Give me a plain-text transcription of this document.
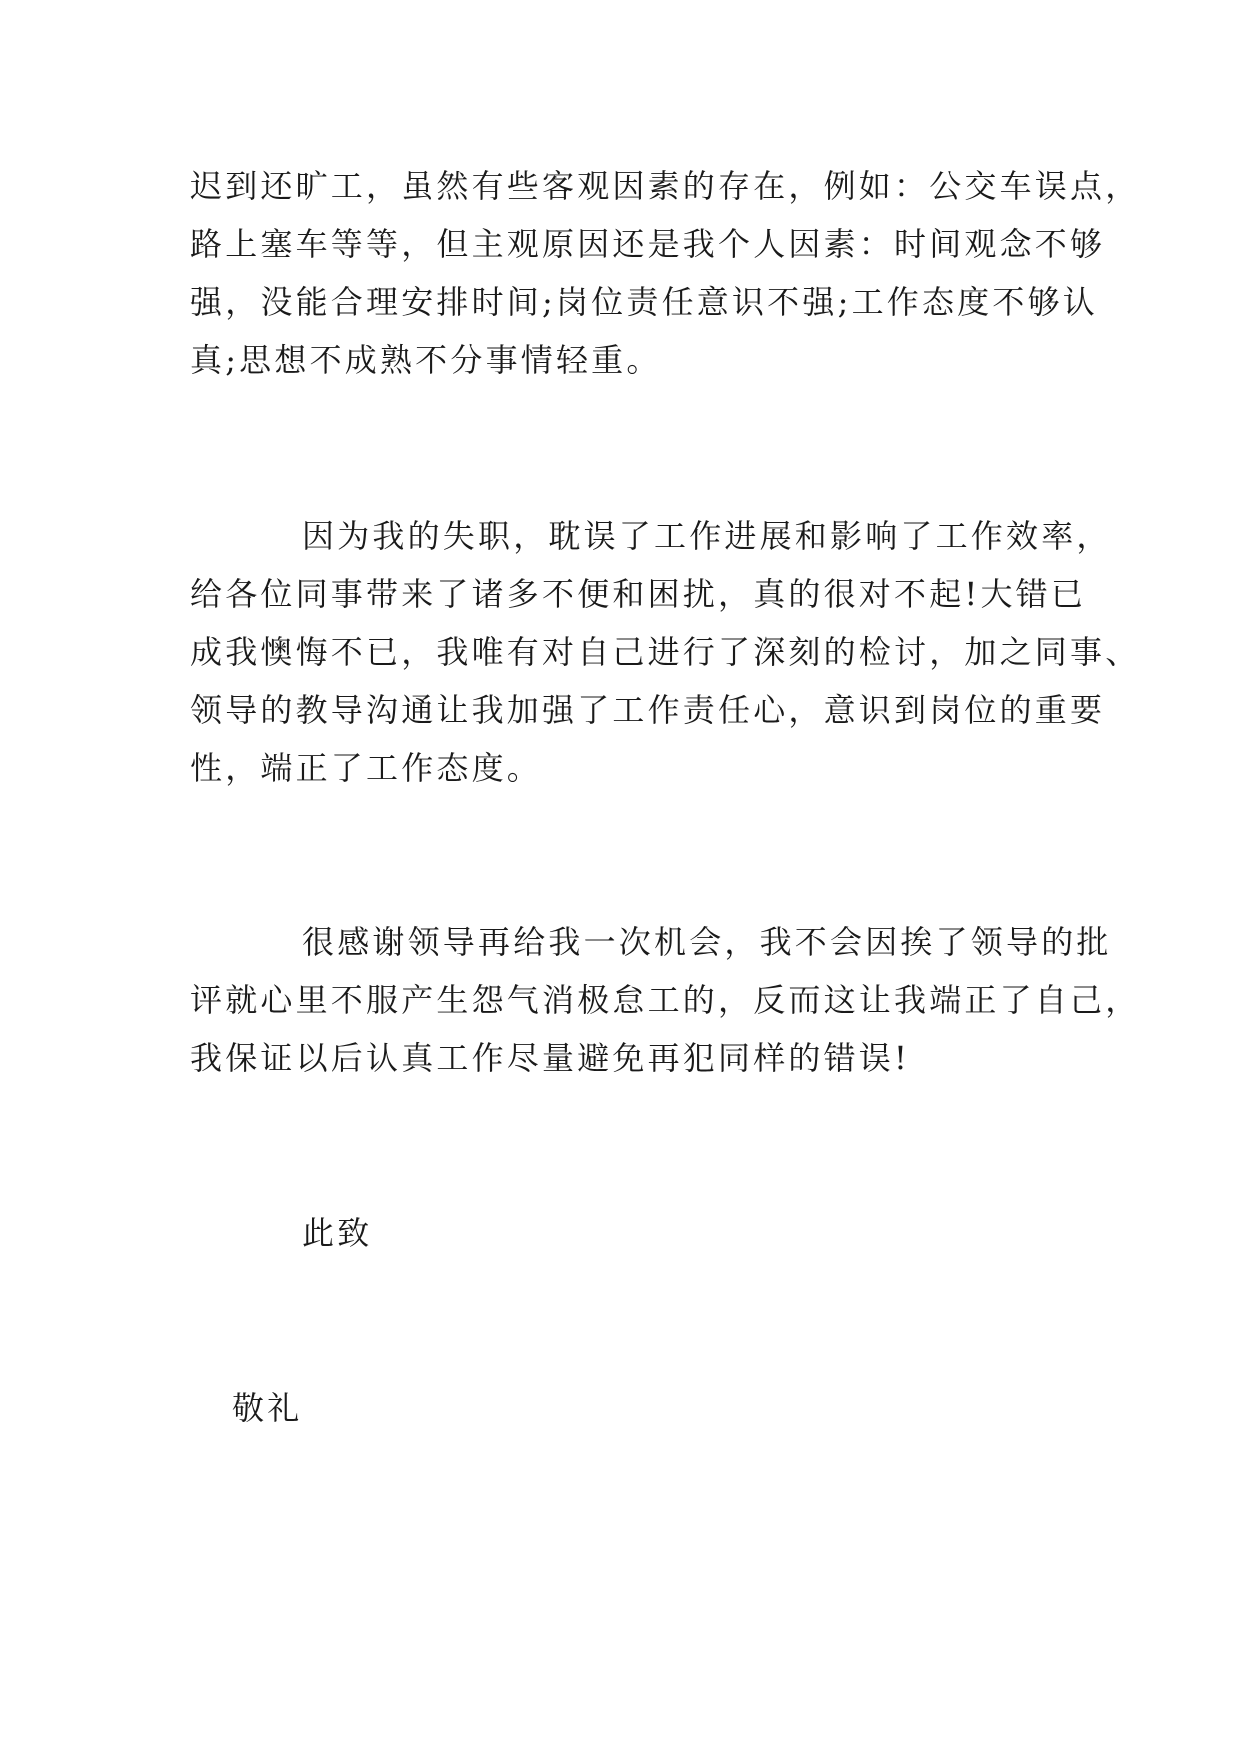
迟到还旷工，虽然有些客观因素的存在，例如：公交车误点，
路上塞车等等，但主观原因还是我个人因素：时间观念不够
强，没能合理安排时间;岗位责任意识不强;工作态度不够认
真;思想不成熟不分事情轻重。
因为我的失职，耽误了工作进展和影响了工作效率，
给各位同事带来了诸多不便和困扰，真的很对不起!大错已
成我懊悔不已，我唯有对自己进行了深刻的检讨，加之同事、
领导的教导沟通让我加强了工作责任心，意识到岗位的重要
性，端正了工作态度。
很感谢领导再给我一次机会，我不会因挨了领导的批
评就心里不服产生怨气消极怠工的，反而这让我端正了自己，
我保证以后认真工作尽量避免再犯同样的错误!
此致
敬礼
